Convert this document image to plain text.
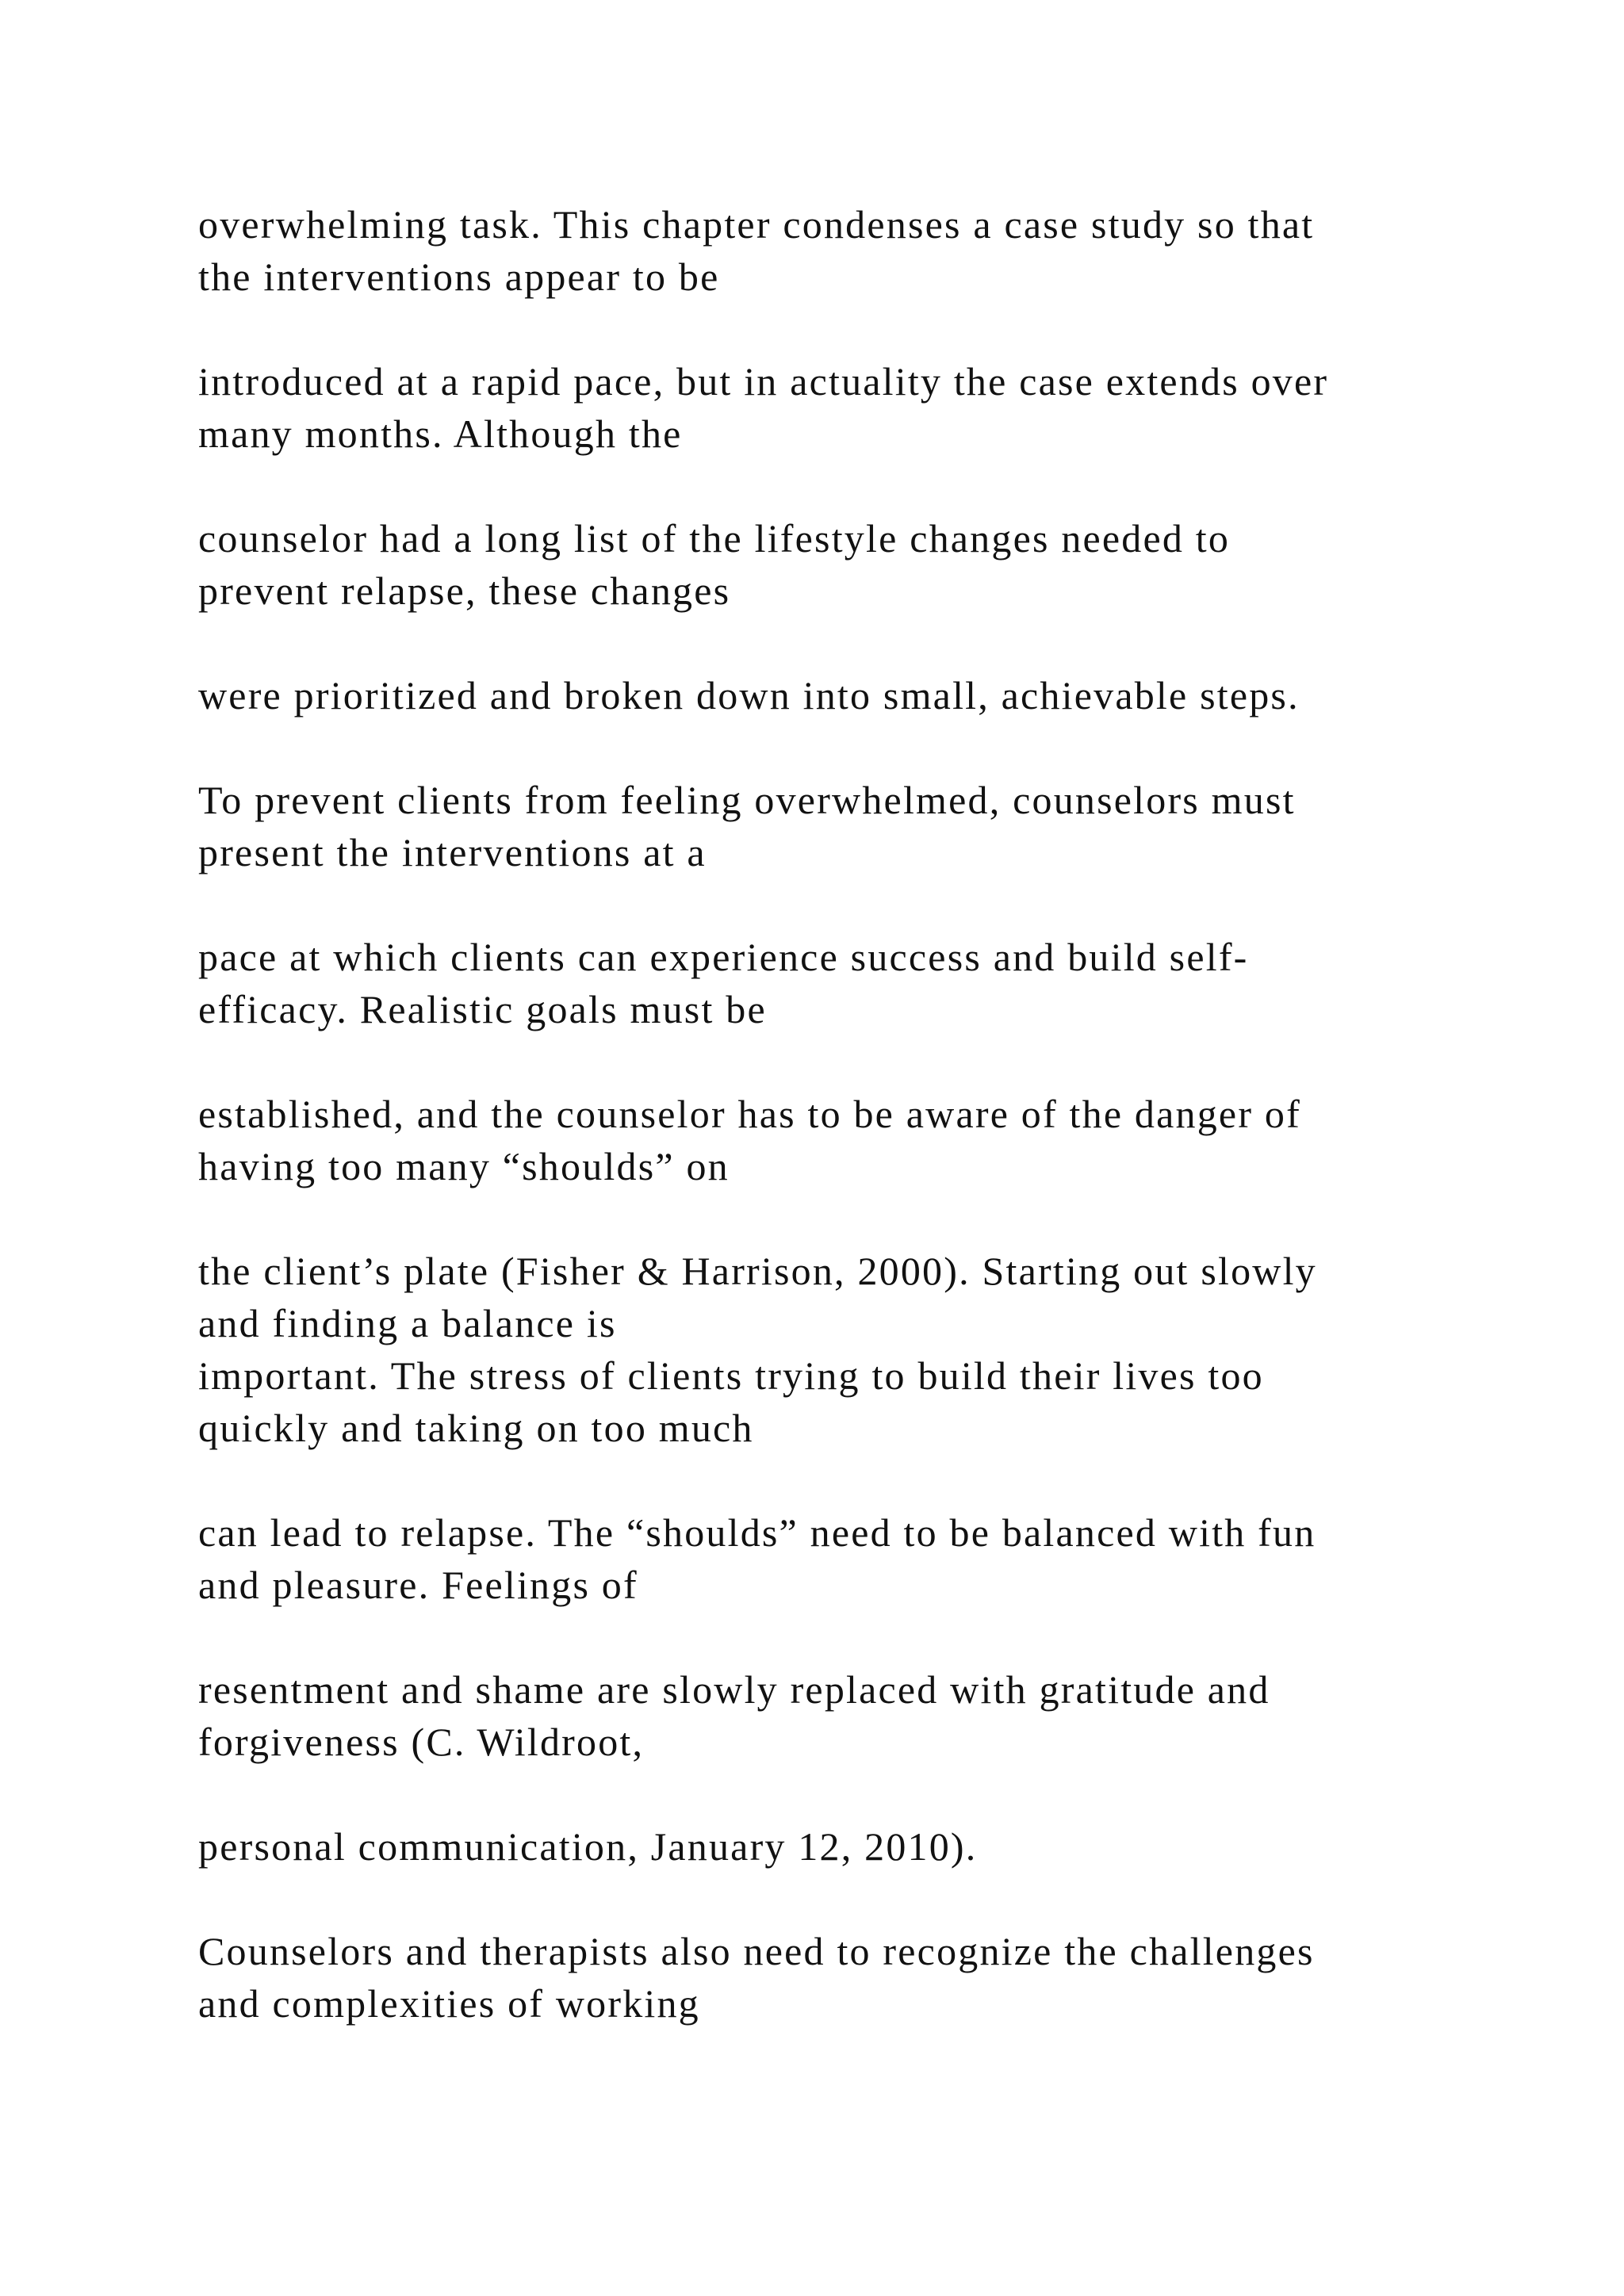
overwhelming task. This chapter condenses a case study so that
the interventions appear to be

introduced at a rapid pace, but in actuality the case extends over
many months. Although the

counselor had a long list of the lifestyle changes needed to
prevent relapse, these changes

were prioritized and broken down into small, achievable steps.

To prevent clients from feeling overwhelmed, counselors must
present the interventions at a

pace at which clients can experience success and build self-
efficacy. Realistic goals must be

established, and the counselor has to be aware of the danger of
having too many “shoulds” on

the client’s plate (Fisher & Harrison, 2000). Starting out slowly
and finding a balance is

important. The stress of clients trying to build their lives too
quickly and taking on too much

can lead to relapse. The “shoulds” need to be balanced with fun
and pleasure. Feelings of

resentment and shame are slowly replaced with gratitude and
forgiveness (C. Wildroot,

personal communication, January 12, 2010).

Counselors and therapists also need to recognize the challenges
and complexities of working
